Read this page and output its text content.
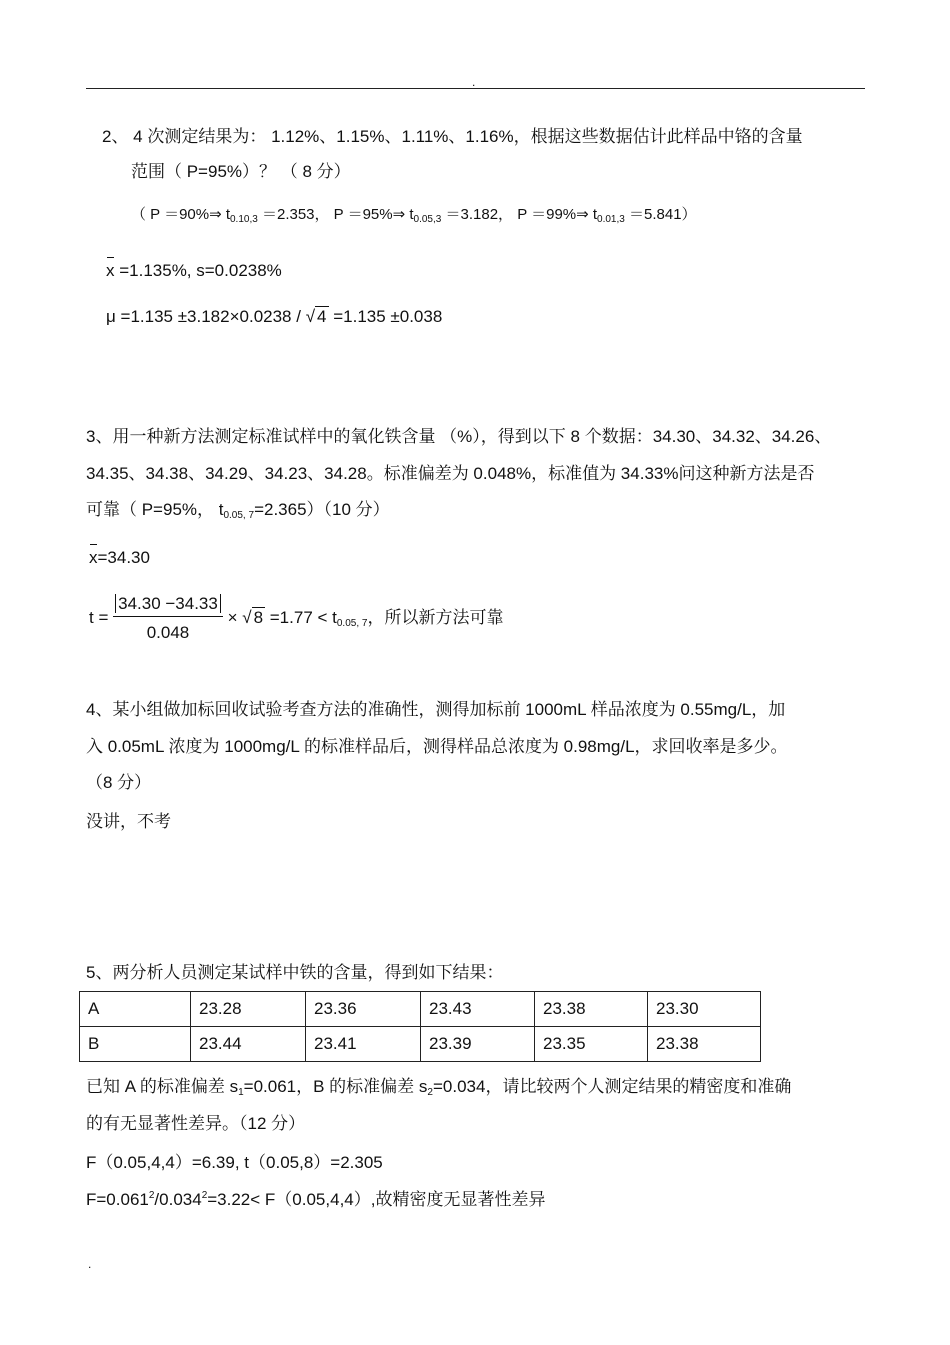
.
2、 4 次测定结果为： 1.12%、1.15%、1.11%、1.16%，根据这些数据估计此样品中铬的含量
范围（ P=95%）？ （ 8 分）
（ P ＝90%⇒ $t_{0.10,3} =2.353$， P ＝95%⇒ $t_{0.05,3} =3.182$， P ＝99%⇒ $t_{0.01,3} =5.841$）
x =1.135%, s=0.0238%
μ =1.135 ±3.182×0.0238 / √ 4 =1.135 ±0.038
3、用一种新方法测定标准试样中的氧化铁含量 （%），得到以下 8 个数据：34.30、34.32、34.26、
34.35、34.38、34.29、34.23、34.28。标准偏差为 0.048%，标准值为 34.33%问这种新方法是否
可靠（ P=95%， t0.05, 7=2.365）（10 分）
x=34.30
$t = \frac{34.30 -34.33}{0.048}$ × √ 8 =1.77 < t0.05, 7，所以新方法可靠
4、某小组做加标回收试验考查方法的准确性，测得加标前 1000mL 样品浓度为 0.55mg/L，加
入 0.05mL 浓度为 1000mg/L 的标准样品后，测得样品总浓度为 0.98mg/L，求回收率是多少。
（8 分）
没讲，不考
5、两分析人员测定某试样中铁的含量，得到如下结果：
A	23.28	23.36	23.43	23.38	23.30
B	23.44	23.41	23.39	23.35	23.38
已知 A 的标准偏差 s1=0.061，B 的标准偏差 s2=0.034，请比较两个人测定结果的精密度和准确
的有无显著性差异。（12 分）
F（0.05,4,4）=6.39, t（0.05,8）=2.305
$F=0.061^2/0.034^2=3.22< F(0.05,4,4)$,故精密度无显著性差异
.
